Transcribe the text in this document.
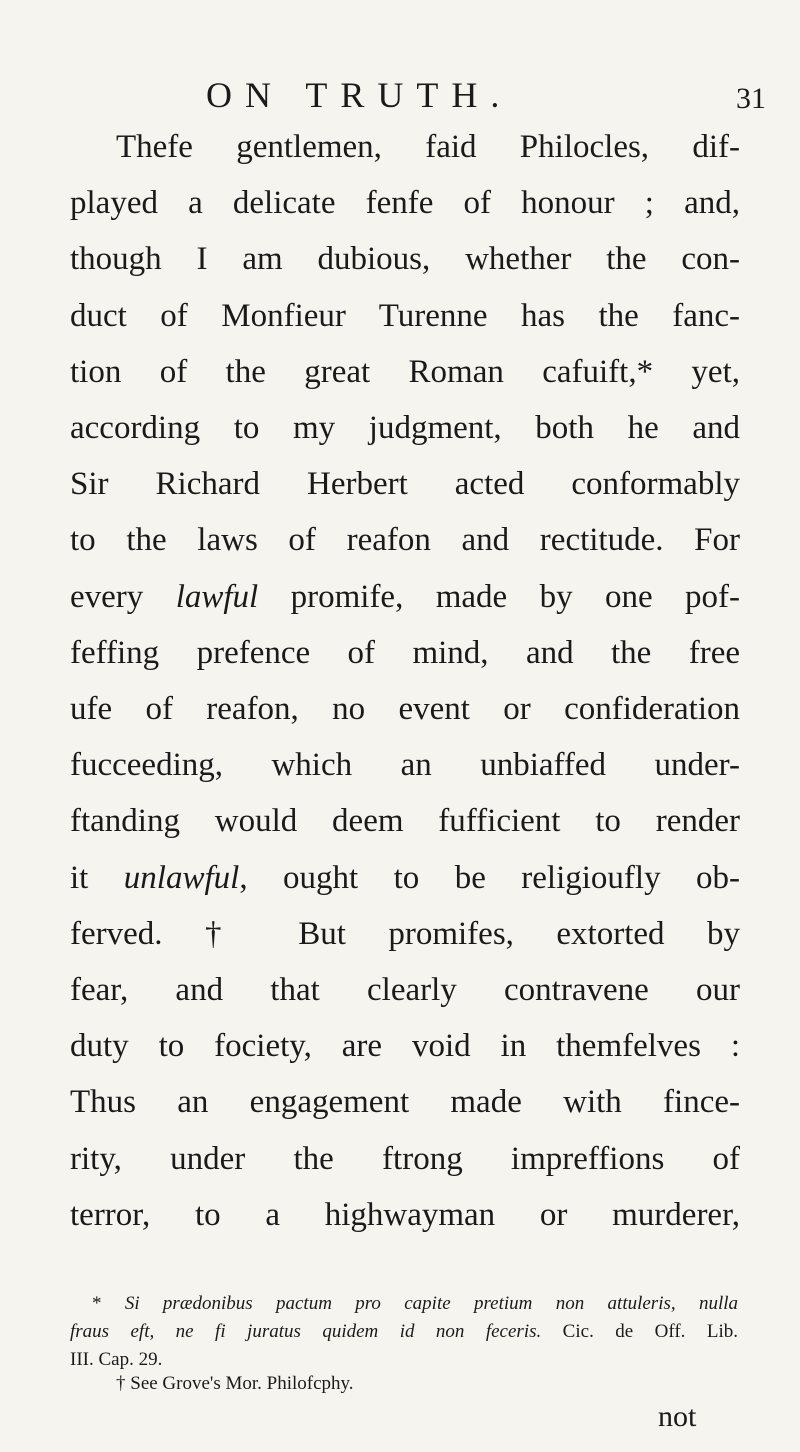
ON TRUTH.	31
Thefe gentlemen, faid Philocles, dif-
played a delicate fenfe of honour ; and,
though I am dubious, whether the con-
duct of Monfieur Turenne has the fanc-
tion of the great Roman cafuift,* yet,
according to my judgment, both he and
Sir Richard Herbert acted conformably
to the laws of reafon and rectitude. For
every lawful promife, made by one pof-
feffing prefence of mind, and the free
ufe of reafon, no event or confideration
fucceeding, which an unbiaffed under-
ftanding would deem fufficient to render
it unlawful, ought to be religioufly ob-
ferved. † But promifes, extorted by
fear, and that clearly contravene our
duty to fociety, are void in themfelves :
Thus an engagement made with fince-
rity, under the ftrong impreffions of
terror, to a highwayman or murderer,
* Si prædonibus pactum pro capite pretium non attuleris, nulla
fraus eft, ne fi juratus quidem id non feceris. Cic. de Off. Lib.
III. Cap. 29.
† See Grove's Mor. Philofcphy.
not
